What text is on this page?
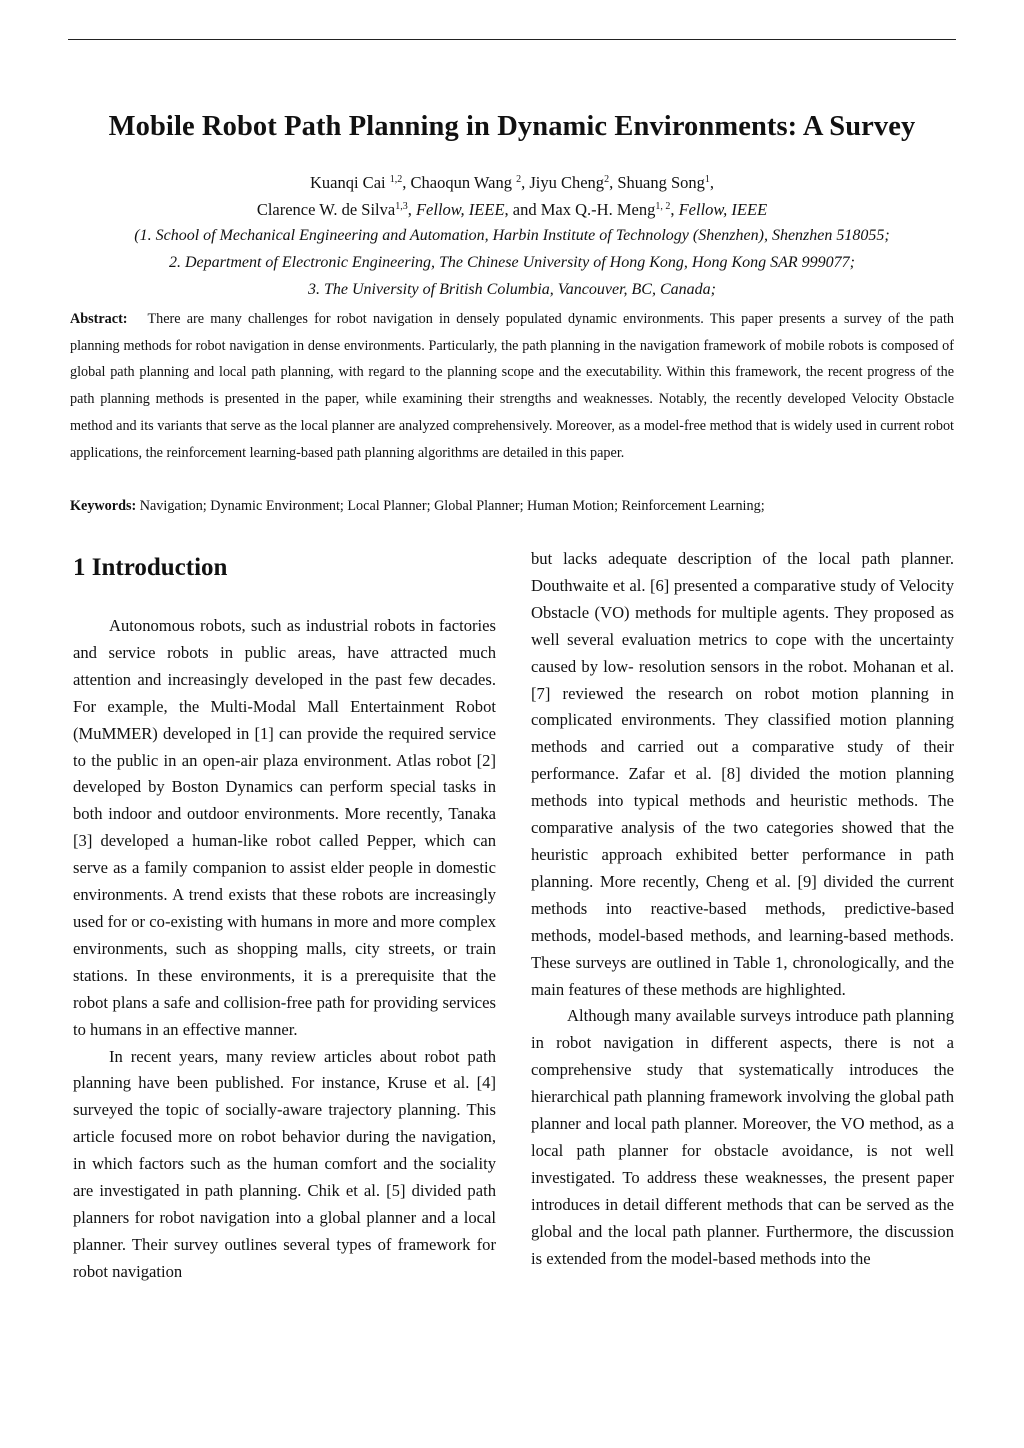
Mobile Robot Path Planning in Dynamic Environments: A Survey
Kuanqi Cai $^{1,2}$, Chaoqun Wang $^2$, Jiyu Cheng$^2$, Shuang Song$^1$,
Clarence W. de Silva$^{1,3}$, Fellow, IEEE, and Max Q.-H. Meng$^{1, 2}$, Fellow, IEEE
(1. School of Mechanical Engineering and Automation, Harbin Institute of Technology (Shenzhen), Shenzhen 518055;
2. Department of Electronic Engineering, The Chinese University of Hong Kong, Hong Kong SAR 999077;
3. The University of British Columbia, Vancouver, BC, Canada;
Abstract: There are many challenges for robot navigation in densely populated dynamic environments. This paper presents a survey of the path planning methods for robot navigation in dense environments. Particularly, the path planning in the navigation framework of mobile robots is composed of global path planning and local path planning, with regard to the planning scope and the executability. Within this framework, the recent progress of the path planning methods is presented in the paper, while examining their strengths and weaknesses. Notably, the recently developed Velocity Obstacle method and its variants that serve as the local planner are analyzed comprehensively. Moreover, as a model-free method that is widely used in current robot applications, the reinforcement learning-based path planning algorithms are detailed in this paper.
Keywords: Navigation; Dynamic Environment; Local Planner; Global Planner; Human Motion; Reinforcement Learning;
1 Introduction

Autonomous robots, such as industrial robots in factories and service robots in public areas, have attracted much attention and increasingly developed in the past few decades. For example, the Multi-Modal Mall Entertainment Robot (MuMMER) developed in [1] can provide the required service to the public in an open-air plaza environment. Atlas robot [2] developed by Boston Dynamics can perform special tasks in both indoor and outdoor environments. More recently, Tanaka [3] developed a human-like robot called Pepper, which can serve as a family companion to assist elder people in domestic environments. A trend exists that these robots are increasingly used for or co-existing with humans in more and more complex environments, such as shopping malls, city streets, or train stations. In these environments, it is a prerequisite that the robot plans a safe and collision-free path for providing services to humans in an effective manner.

In recent years, many review articles about robot path planning have been published. For instance, Kruse et al. [4] surveyed the topic of socially-aware trajectory planning. This article focused more on robot behavior during the navigation, in which factors such as the human comfort and the sociality are investigated in path planning. Chik et al. [5] divided path planners for robot navigation into a global planner and a local planner. Their survey outlines several types of framework for robot navigation

but lacks adequate description of the local path planner. Douthwaite et al. [6] presented a comparative study of Velocity Obstacle (VO) methods for multiple agents. They proposed as well several evaluation metrics to cope with the uncertainty caused by low- resolution sensors in the robot. Mohanan et al. [7] reviewed the research on robot motion planning in complicated environments. They classified motion planning methods and carried out a comparative study of their performance. Zafar et al. [8] divided the motion planning methods into typical methods and heuristic methods. The comparative analysis of the two categories showed that the heuristic approach exhibited better performance in path planning. More recently, Cheng et al. [9] divided the current methods into reactive-based methods, predictive-based methods, model-based methods, and learning-based methods. These surveys are outlined in Table 1, chronologically, and the main features of these methods are highlighted.

Although many available surveys introduce path planning in robot navigation in different aspects, there is not a comprehensive study that systematically introduces the hierarchical path planning framework involving the global path planner and local path planner. Moreover, the VO method, as a local path planner for obstacle avoidance, is not well investigated. To address these weaknesses, the present paper introduces in detail different methods that can be served as the global and the local path planner. Furthermore, the discussion is extended from the model-based methods into the
